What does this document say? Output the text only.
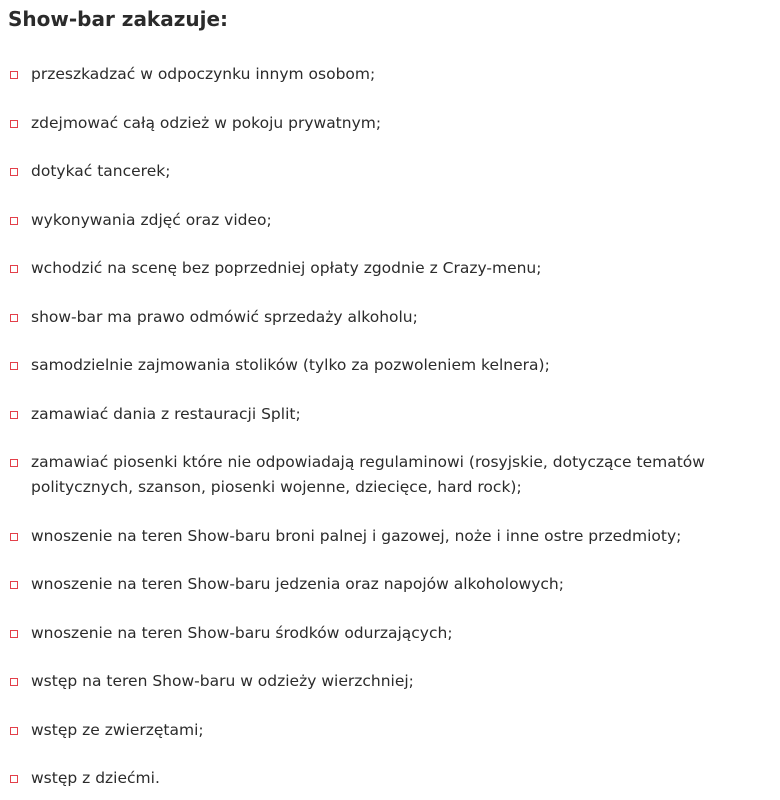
Show-bar zakazuje:
przeszkadzać w odpoczynku innym osobom;
zdejmować całą odzież w pokoju prywatnym;
dotykać tancerek;
wykonywania zdjęć oraz video;
wchodzić na scenę bez poprzedniej opłaty zgodnie z Crazy-menu;
show-bar ma prawo odmówić sprzedaży alkoholu;
samodzielnie zajmowania stolików (tylko za pozwoleniem kelnera);
zamawiać dania z restauracji Split;
zamawiać piosenki które nie odpowiadają regulaminowi (rosyjskie, dotyczące tematów politycznych, szanson, piosenki wojenne, dziecięce, hard rock);
wnoszenie na teren Show-baru broni palnej i gazowej, noże i inne ostre przedmioty;
wnoszenie na teren Show-baru jedzenia oraz napojów alkoholowych;
wnoszenie na teren Show-baru środków odurzających;
wstęp na teren Show-baru w odzieży wierzchniej;
wstęp ze zwierzętami;
wstęp z dziećmi.
